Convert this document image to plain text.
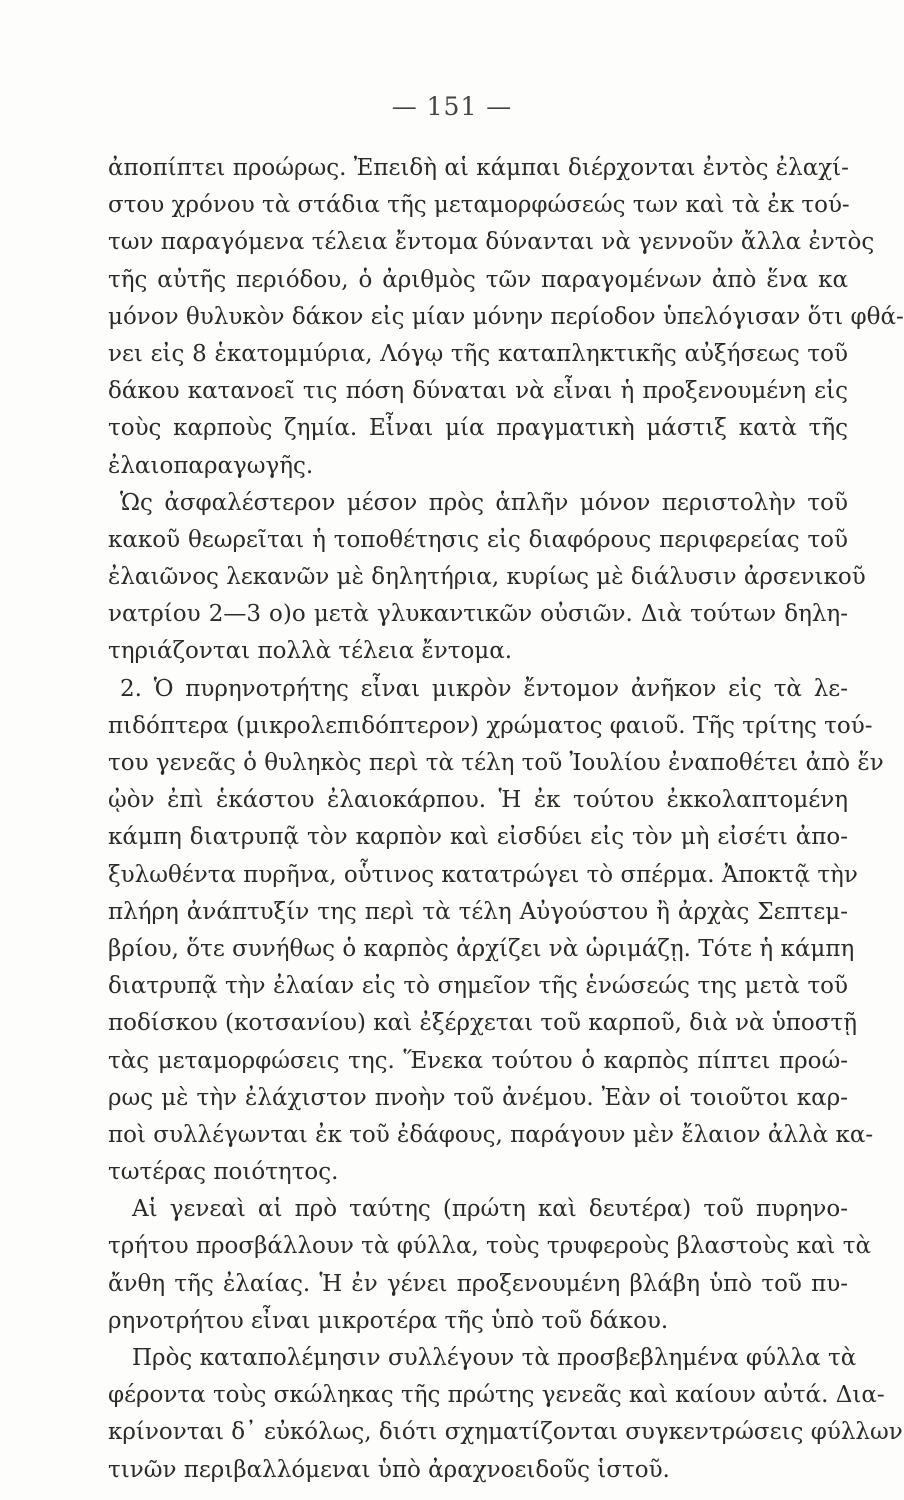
— 151 —
ἀποπίπτει προώρως. Ἐπειδὴ αἱ κάμπαι διέρχονται ἐντὸς ἐλαχί-
στου χρόνου τὰ στάδια τῆς μεταμορφώσεώς των καὶ τὰ ἐκ τού-
των παραγόμενα τέλεια ἔντομα δύνανται νὰ γεννοῦν ἄλλα ἐντὸς
τῆς αὐτῆς περιόδου, ὁ ἀριθμὸς τῶν παραγομένων ἀπὸ ἕνα κα
μόνον θυλυκὸν δάκον εἰς μίαν μόνην περίοδον ὑπελόγισαν ὅτι φθά-
νει εἰς 8 ἑκατομμύρια, Λόγῳ τῆς καταπληκτικῆς αὐξήσεως τοῦ
δάκου κατανοεῖ τις πόση δύναται νὰ εἶναι ἡ προξενουμένη εἰς
τοὺς καρποὺς ζημία. Εἶναι μία πραγματικὴ μάστιξ κατὰ τῆς
ἐλαιοπαραγωγῆς.
Ὡς ἀσφαλέστερον μέσον πρὸς ἁπλῆν μόνον περιστολὴν τοῦ
κακοῦ θεωρεῖται ἡ τοποθέτησις εἰς διαφόρους περιφερείας τοῦ
ἐλαιῶνος λεκανῶν μὲ δηλητήρια, κυρίως μὲ διάλυσιν ἀρσενικοῦ
νατρίου 2—3 ο)ο μετὰ γλυκαντικῶν οὐσιῶν. Διὰ τούτων δηλη-
τηριάζονται πολλὰ τέλεια ἔντομα.
2. Ὁ πυρηνοτρήτης εἶναι μικρὸν ἔντομον ἀνῆκον εἰς τὰ λε-
πιδόπτερα (μικρολεπιδόπτερον) χρώματος φαιοῦ. Τῆς τρίτης τού-
του γενεᾶς ὁ θυληκὸς περὶ τὰ τέλη τοῦ Ἰουλίου ἐναποθέτει ἀπὸ ἕν
ᾠὸν ἐπὶ ἑκάστου ἐλαιοκάρπου. Ἡ ἐκ τούτου ἐκκολαπτομένη
κάμπη διατρυπᾷ τὸν καρπὸν καὶ εἰσδύει εἰς τὸν μὴ εἰσέτι ἀπο-
ξυλωθέντα πυρῆνα, οὗτινος κατατρώγει τὸ σπέρμα. Ἀποκτᾷ τὴν
πλήρη ἀνάπτυξίν της περὶ τὰ τέλη Αὐγούστου ἢ ἀρχὰς Σεπτεμ-
βρίου, ὅτε συνήθως ὁ καρπὸς ἀρχίζει νὰ ὡριμάζῃ. Τότε ἡ κάμπη
διατρυπᾷ τὴν ἐλαίαν εἰς τὸ σημεῖον τῆς ἑνώσεώς της μετὰ τοῦ
ποδίσκου (κοτσανίου) καὶ ἐξέρχεται τοῦ καρποῦ, διὰ νὰ ὑποστῇ
τὰς μεταμορφώσεις της. Ἕνεκα τούτου ὁ καρπὸς πίπτει προώ-
ρως μὲ τὴν ἐλάχιστον πνοὴν τοῦ ἀνέμου. Ἐὰν οἱ τοιοῦτοι καρ-
ποὶ συλλέγωνται ἐκ τοῦ ἐδάφους, παράγουν μὲν ἔλαιον ἀλλὰ κα-
τωτέρας ποιότητος.
Αἱ γενεαὶ αἱ πρὸ ταύτης (πρώτη καὶ δευτέρα) τοῦ πυρηνο-
τρήτου προσβάλλουν τὰ φύλλα, τοὺς τρυφεροὺς βλαστοὺς καὶ τὰ
ἄνθη τῆς ἐλαίας. Ἡ ἐν γένει προξενουμένη βλάβη ὑπὸ τοῦ πυ-
ρηνοτρήτου εἶναι μικροτέρα τῆς ὑπὸ τοῦ δάκου.
Πρὸς καταπολέμησιν συλλέγουν τὰ προσβεβλημένα φύλλα τὰ
φέροντα τοὺς σκώληκας τῆς πρώτης γενεᾶς καὶ καίουν αὐτά. Δια-
κρίνονται δ᾽ εὐκόλως, διότι σχηματίζονται συγκεντρώσεις φύλλων
τινῶν περιβαλλόμεναι ὑπὸ ἀραχνοειδοῦς ἱστοῦ.
